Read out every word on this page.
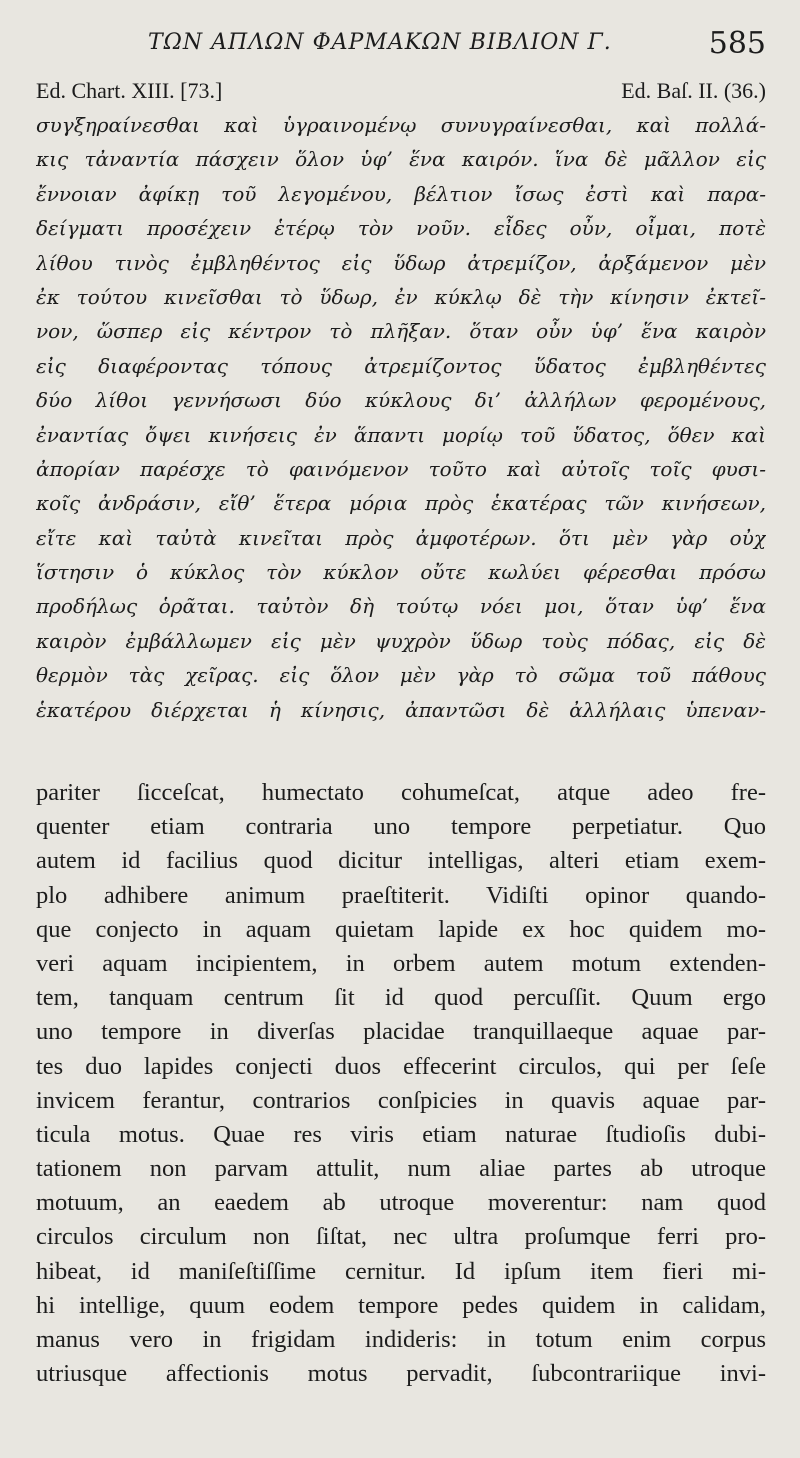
ΤΩΝ ΑΠΛΩΝ ΦΑΡΜΑΚΩΝ ΒΙΒΛΙΟΝ Γ.	585
Ed. Chart. XIII. [73.]	Ed. Baſ. II. (36.)
συγξηραίνεσθαι καὶ ὑγραινομένῳ συνυγραίνεσθαι, καὶ πολλά-
κις τἀναντία πάσχειν ὅλον ὑφ’ ἕνα καιρόν. ἵνα δὲ μᾶλλον εἰς
ἔννοιαν ἀφίκῃ τοῦ λεγομένου, βέλτιον ἴσως ἐστὶ καὶ παρα-
δείγματι προσέχειν ἑτέρῳ τὸν νοῦν. εἶδες οὖν, οἶμαι, ποτὲ
λίθου τινὸς ἐμβληθέντος εἰς ὕδωρ ἀτρεμίζον, ἀρξάμενον μὲν
ἐκ τούτου κινεῖσθαι τὸ ὕδωρ, ἐν κύκλῳ δὲ τὴν κίνησιν ἐκτεῖ-
νον, ὥσπερ εἰς κέντρον τὸ πλῆξαν. ὅταν οὖν ὑφ’ ἕνα καιρὸν
εἰς διαφέροντας τόπους ἀτρεμίζοντος ὕδατος ἐμβληθέντες
δύο λίθοι γεννήσωσι δύο κύκλους δι’ ἀλλήλων φερομένους,
ἐναντίας ὄψει κινήσεις ἐν ἅπαντι μορίῳ τοῦ ὕδατος, ὅθεν καὶ
ἀπορίαν παρέσχε τὸ φαινόμενον τοῦτο καὶ αὐτοῖς τοῖς φυσι-
κοῖς ἀνδράσιν, εἴθ’ ἕτερα μόρια πρὸς ἑκατέρας τῶν κινήσεων,
εἴτε καὶ ταὐτὰ κινεῖται πρὸς ἀμφοτέρων. ὅτι μὲν γὰρ οὐχ
ἵστησιν ὁ κύκλος τὸν κύκλον οὔτε κωλύει φέρεσθαι πρόσω
προδήλως ὁρᾶται. ταὐτὸν δὴ τούτῳ νόει μοι, ὅταν ὑφ’ ἕνα
καιρὸν ἐμβάλλωμεν εἰς μὲν ψυχρὸν ὕδωρ τοὺς πόδας, εἰς δὲ
θερμὸν τὰς χεῖρας. εἰς ὅλον μὲν γὰρ τὸ σῶμα τοῦ πάθους
ἑκατέρου διέρχεται ἡ κίνησις, ἀπαντῶσι δὲ ἀλλήλαις ὑπεναν-
pariter ſicceſcat, humectato cohumeſcat, atque adeo fre-
quenter etiam contraria uno tempore perpetiatur. Quo
autem id facilius quod dicitur intelligas, alteri etiam exem-
plo adhibere animum praeſtiterit. Vidiſti opinor quando-
que conjecto in aquam quietam lapide ex hoc quidem mo-
veri aquam incipientem, in orbem autem motum extenden-
tem, tanquam centrum ſit id quod percuſſit. Quum ergo
uno tempore in diverſas placidae tranquillaeque aquae par-
tes duo lapides conjecti duos effecerint circulos, qui per ſeſe
invicem ferantur, contrarios conſpicies in quavis aquae par-
ticula motus. Quae res viris etiam naturae ſtudioſis dubi-
tationem non parvam attulit, num aliae partes ab utroque
motuum, an eaedem ab utroque moverentur: nam quod
circulos circulum non ſiſtat, nec ultra proſumque ferri pro-
hibeat, id maniſeſtiſſime cernitur. Id ipſum item fieri mi-
hi intellige, quum eodem tempore pedes quidem in calidam,
manus vero in frigidam indideris: in totum enim corpus
utriusque affectionis motus pervadit, ſubcontrariique invi-
